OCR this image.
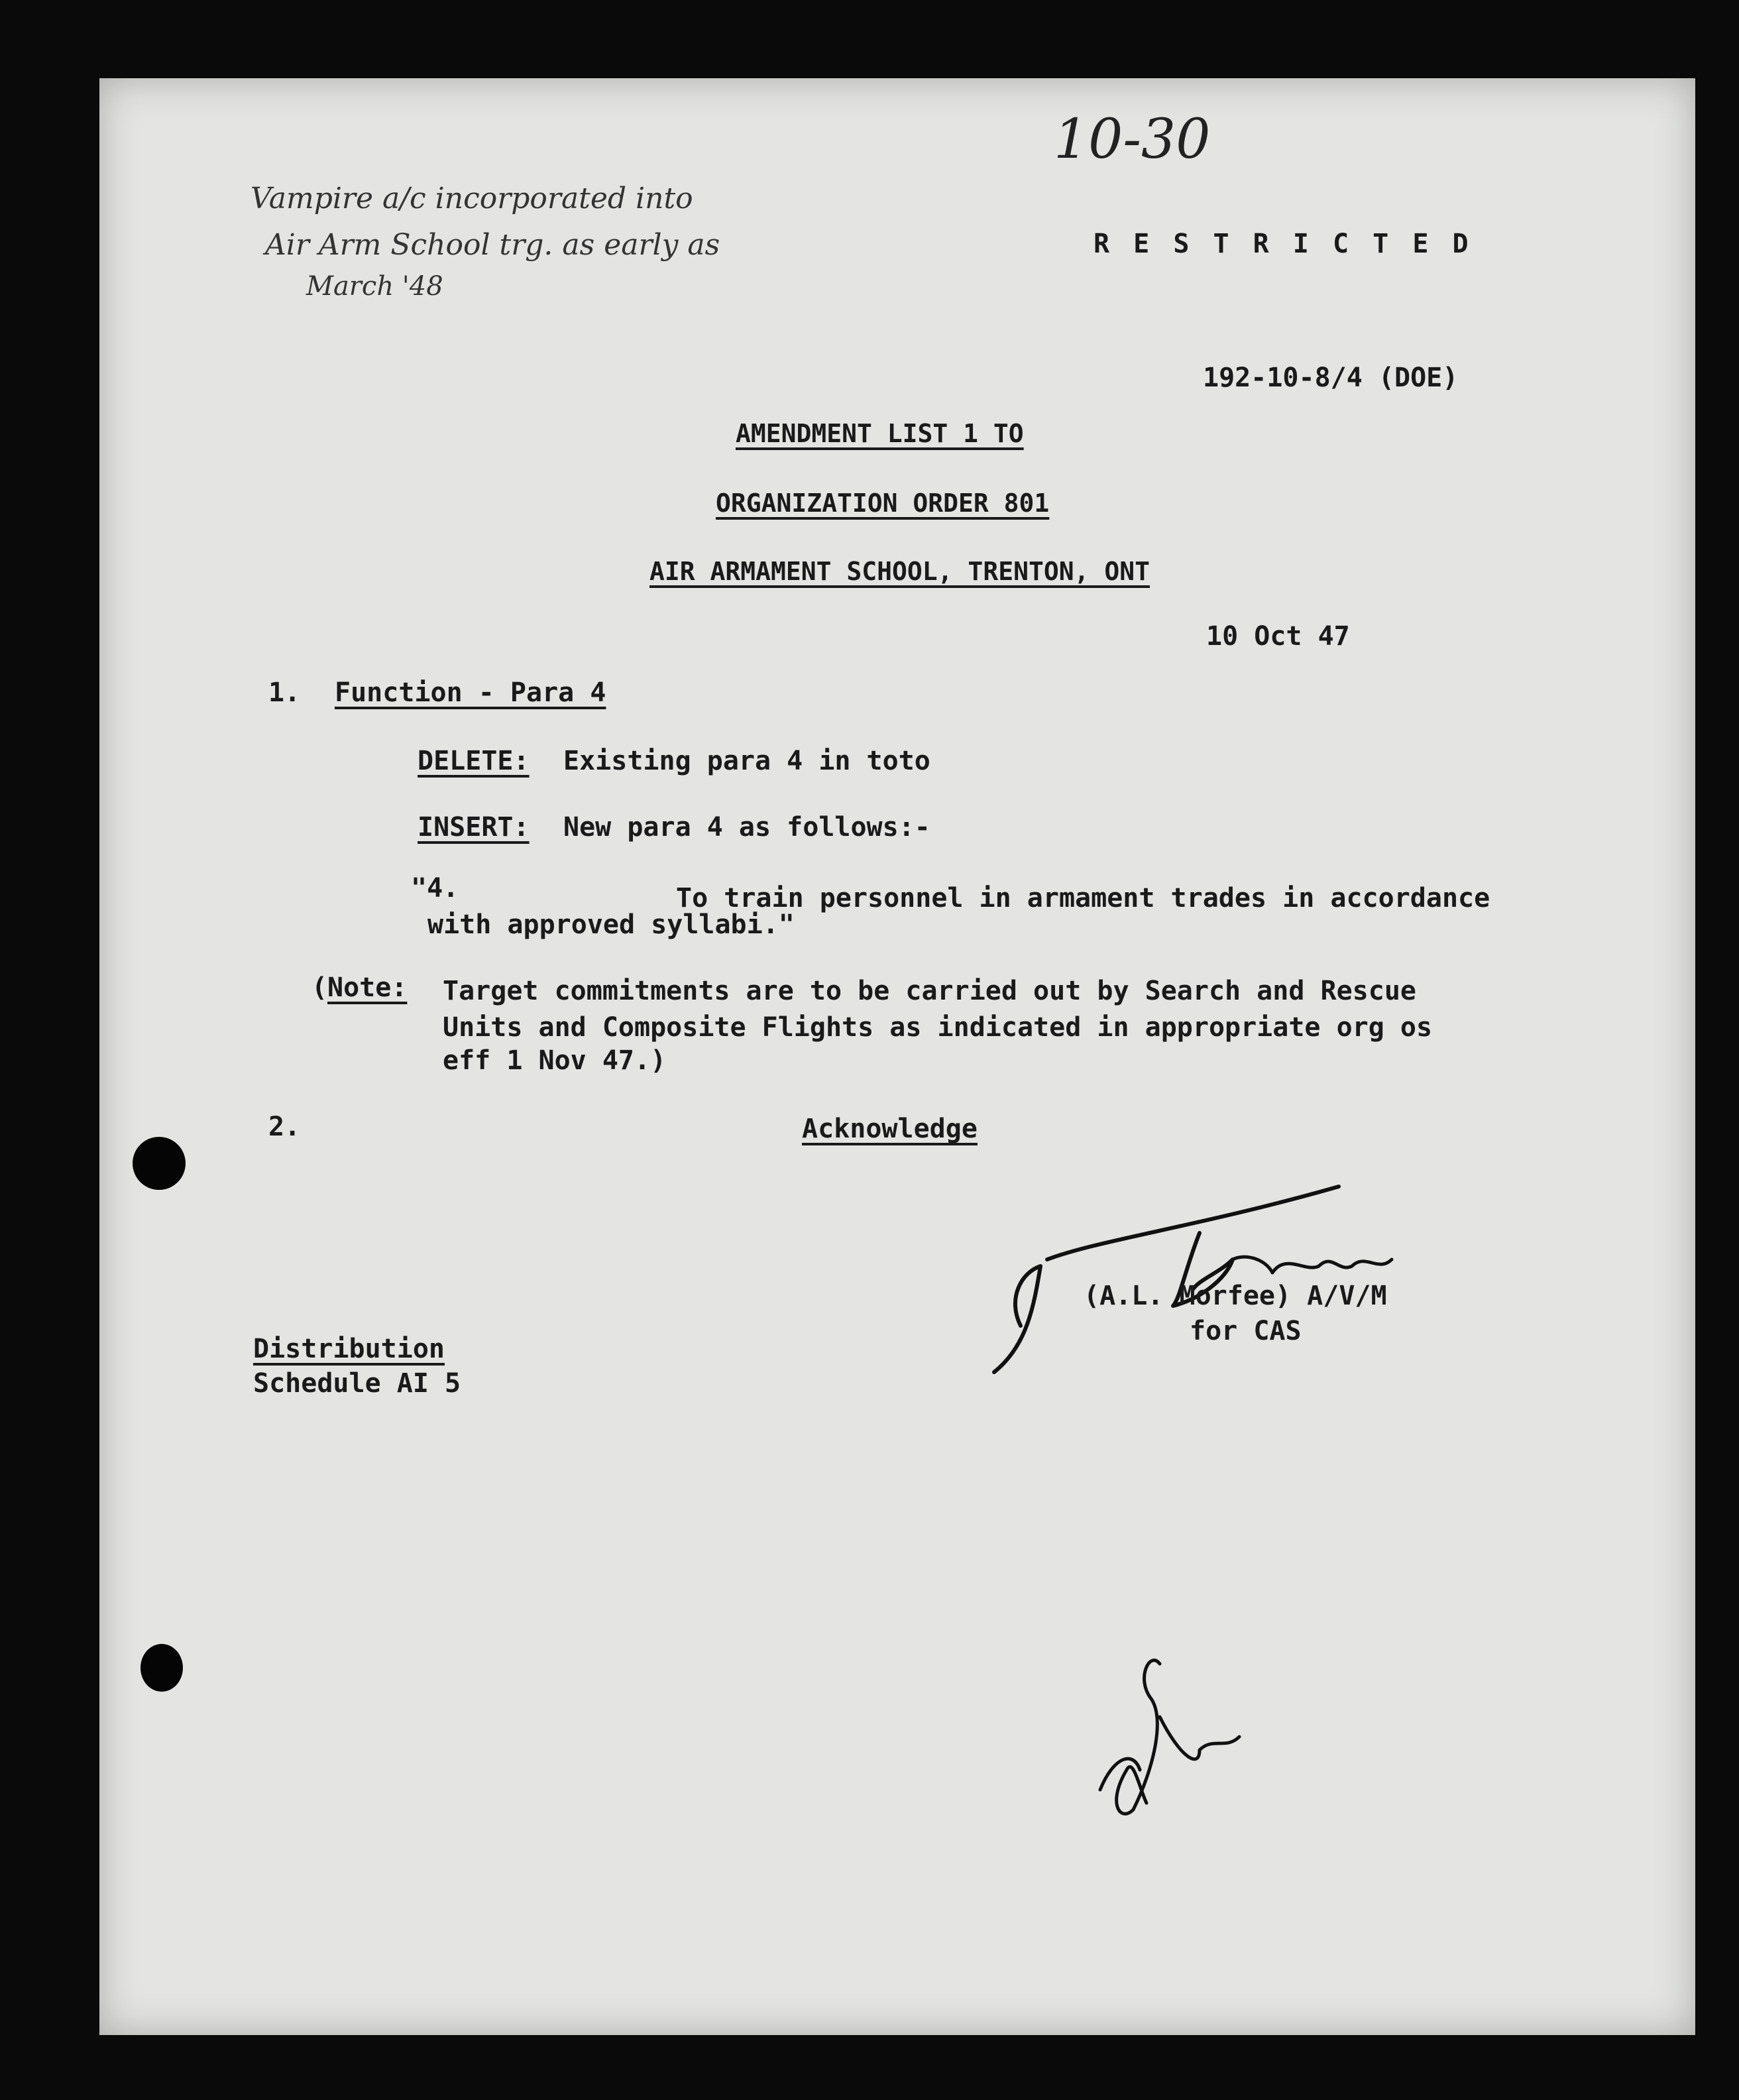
10-30
Vampire a/c incorporated into
Air Arm School trg. as early as
March '48
R E S T R I C T E D
192-10-8/4 (DOE)
AMENDMENT LIST 1 TO
ORGANIZATION ORDER 801
AIR ARMAMENT SCHOOL, TRENTON, ONT
10 Oct 47
1. Function - Para 4
DELETE: Existing para 4 in toto
INSERT: New para 4 as follows:-
"4.	To train personnel in armament trades in accordance
with approved syllabi."
( Note: Target commitments are to be carried out by Search and Rescue
Units and Composite Flights as indicated in appropriate org os
eff 1 Nov 47.)
2.	Acknowledge
(A.L. Morfee) A/V/M
for CAS
Distribution
Schedule AI 5
